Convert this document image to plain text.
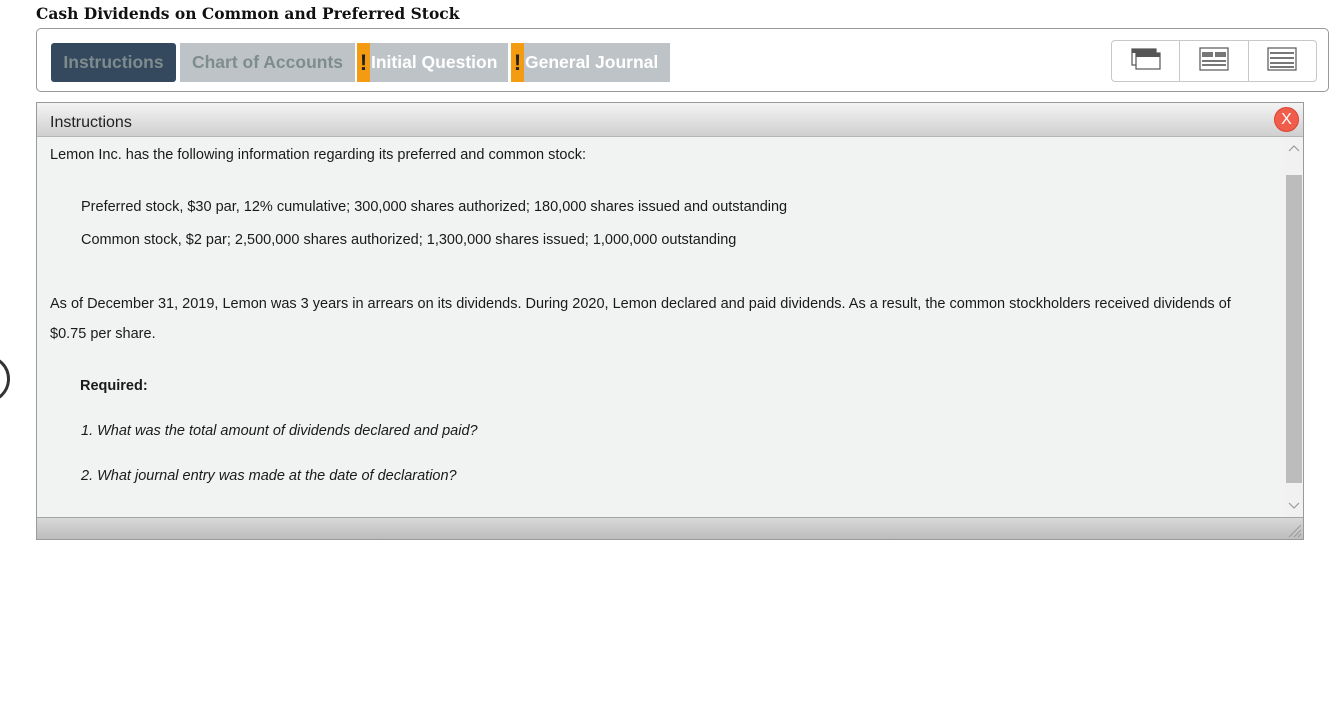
Cash Dividends on Common and Preferred Stock
Instructions Chart of Accounts ! Initial Question ! General Journal
Instructions	X
Lemon Inc. has the following information regarding its preferred and common stock:
Preferred stock, $30 par, 12% cumulative; 300,000 shares authorized; 180,000 shares issued and outstanding
Common stock, $2 par; 2,500,000 shares authorized; 1,300,000 shares issued; 1,000,000 outstanding
As of December 31, 2019, Lemon was 3 years in arrears on its dividends. During 2020, Lemon declared and paid dividends. As a result, the common stockholders received dividends of
$0.75 per share.
Required:
1. What was the total amount of dividends declared and paid?
2. What journal entry was made at the date of declaration?
